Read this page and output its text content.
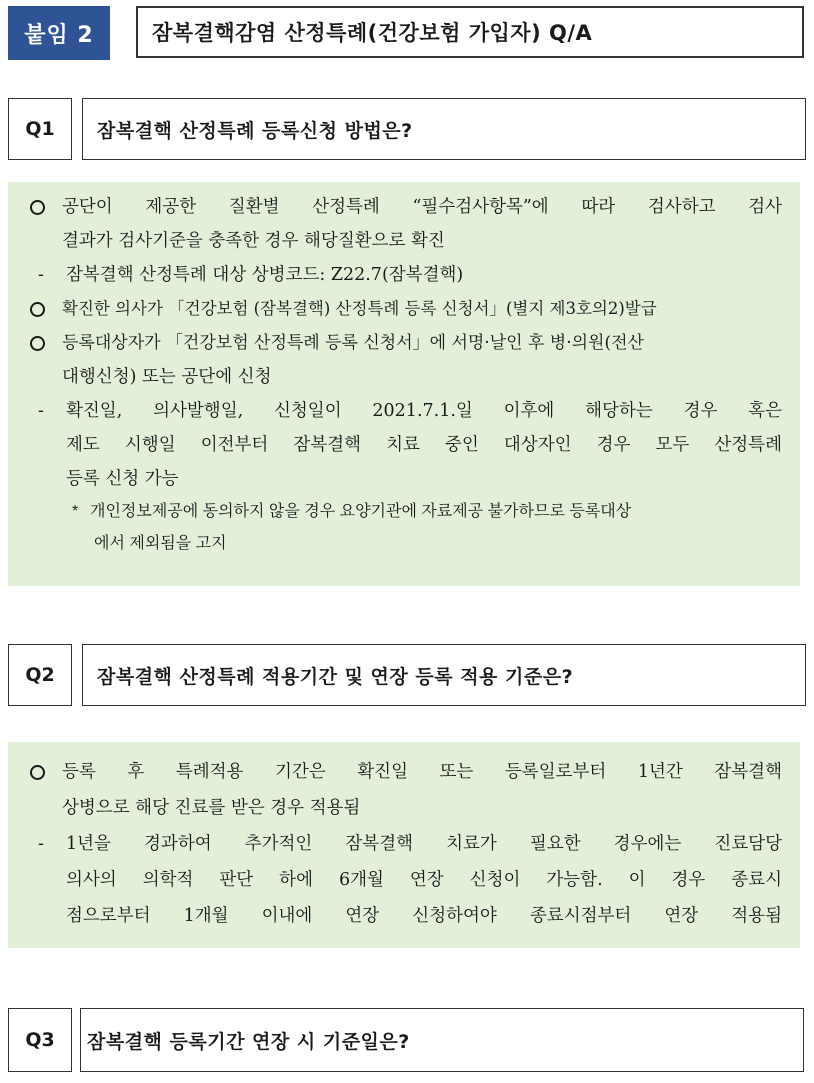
붙임 2	잠복결핵감염 산정특례(건강보험 가입자) Q/A
Q1	잠복결핵 산정특례 등록신청 방법은?
공단이 제공한 질환별 산정특례 “필수검사항목”에 따라 검사하고 검사
결과가 검사기준을 충족한 경우 해당질환으로 확진
- 잠복결핵 산정특례 대상 상병코드: Z22.7(잠복결핵)
확진한 의사가 「건강보험 (잠복결핵) 산정특례 등록 신청서」(별지 제3호의2)발급
등록대상자가 「건강보험 산정특례 등록 신청서」에 서명·날인 후 병·의원(전산
대행신청) 또는 공단에 신청
- 확진일, 의사발행일, 신청일이 2021.7.1.일 이후에 해당하는 경우 혹은
제도 시행일 이전부터 잠복결핵 치료 중인 대상자인 경우 모두 산정특례
등록 신청 가능
* 개인정보제공에 동의하지 않을 경우 요양기관에 자료제공 불가하므로 등록대상
에서 제외됨을 고지
Q2	잠복결핵 산정특례 적용기간 및 연장 등록 적용 기준은?
등록 후 특례적용 기간은 확진일 또는 등록일로부터 1년간 잠복결핵
상병으로 해당 진료를 받은 경우 적용됨
- 1년을 경과하여 추가적인 잠복결핵 치료가 필요한 경우에는 진료담당
의사의 의학적 판단 하에 6개월 연장 신청이 가능함. 이 경우 종료시
점으로부터 1개월 이내에 연장 신청하여야 종료시점부터 연장 적용됨
Q3	잠복결핵 등록기간 연장 시 기준일은?
